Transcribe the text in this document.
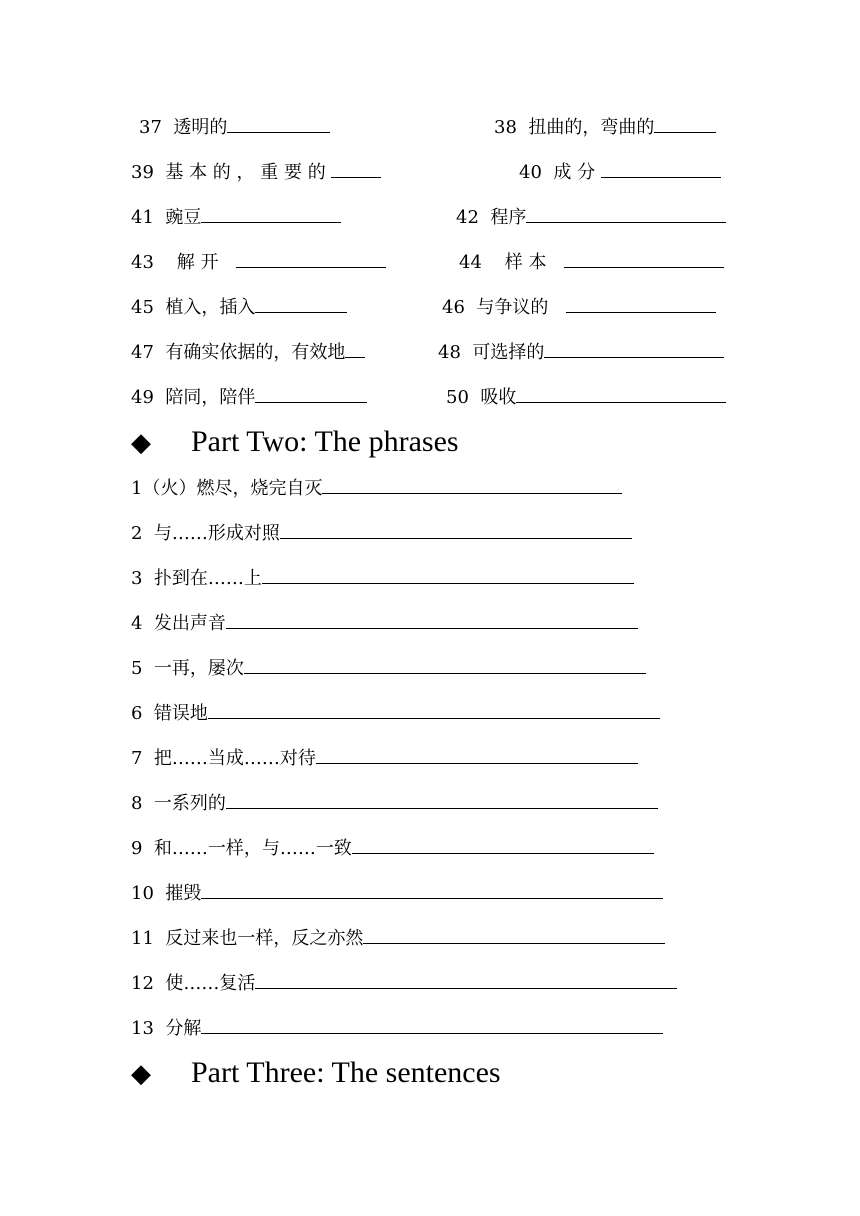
37 透明的	38 扭曲的，弯曲的
39 基 本 的 ， 重 要 的	40 成 分
41 豌豆	42 程序
43 解 开	44 样 本
45 植入，插入	46 与争议的
47 有确实依据的，有效地	48 可选择的
49 陪同，陪伴	50 吸收
◆ Part Two: The phrases
1（火）燃尽，烧完自灭
2 与……形成对照
3 扑到在……上
4 发出声音
5 一再，屡次
6 错误地
7 把……当成……对待
8 一系列的
9 和……一样，与……一致
10 摧毁
11 反过来也一样，反之亦然
12 使……复活
13 分解
◆ Part Three: The sentences
